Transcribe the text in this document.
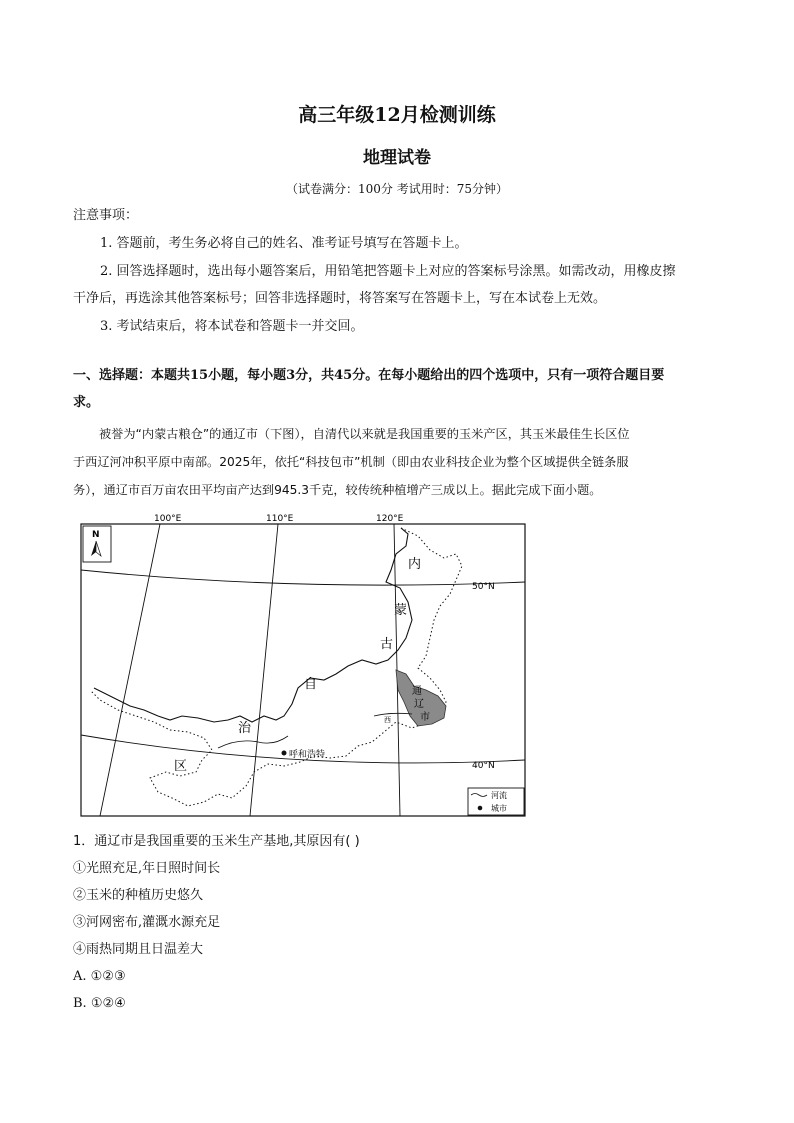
高三年级12月检测训练
地理试卷
（试卷满分：100分 考试用时：75分钟）
注意事项：
1. 答题前，考生务必将自己的姓名、准考证号填写在答题卡上。
2. 回答选择题时，选出每小题答案后，用铅笔把答题卡上对应的答案标号涂黑。如需改动，用橡皮擦
干净后，再选涂其他答案标号；回答非选择题时，将答案写在答题卡上，写在本试卷上无效。
3. 考试结束后，将本试卷和答题卡一并交回。
一、选择题：本题共15小题，每小题3分，共45分。在每小题给出的四个选项中，只有一项符合题目要
求。
被誉为“内蒙古粮仓”的通辽市（下图），自清代以来就是我国重要的玉米产区，其玉米最佳生长区位
于西辽河冲积平原中南部。2025年，依托“科技包市”机制（即由农业科技企业为整个区域提供全链条服
务），通辽市百万亩农田平均亩产达到945.3千克，较传统种植增产三成以上。据此完成下面小题。
100°E	110°E	120°E
50°N
40°N
N
内
蒙
古
自
治
区
通
辽
市
西
呼和浩特
河流
城市
1．通辽市是我国重要的玉米生产基地,其原因有( )
①光照充足,年日照时间长
②玉米的种植历史悠久
③河网密布,灌溉水源充足
④雨热同期且日温差大
A. ①②③
B. ①②④
